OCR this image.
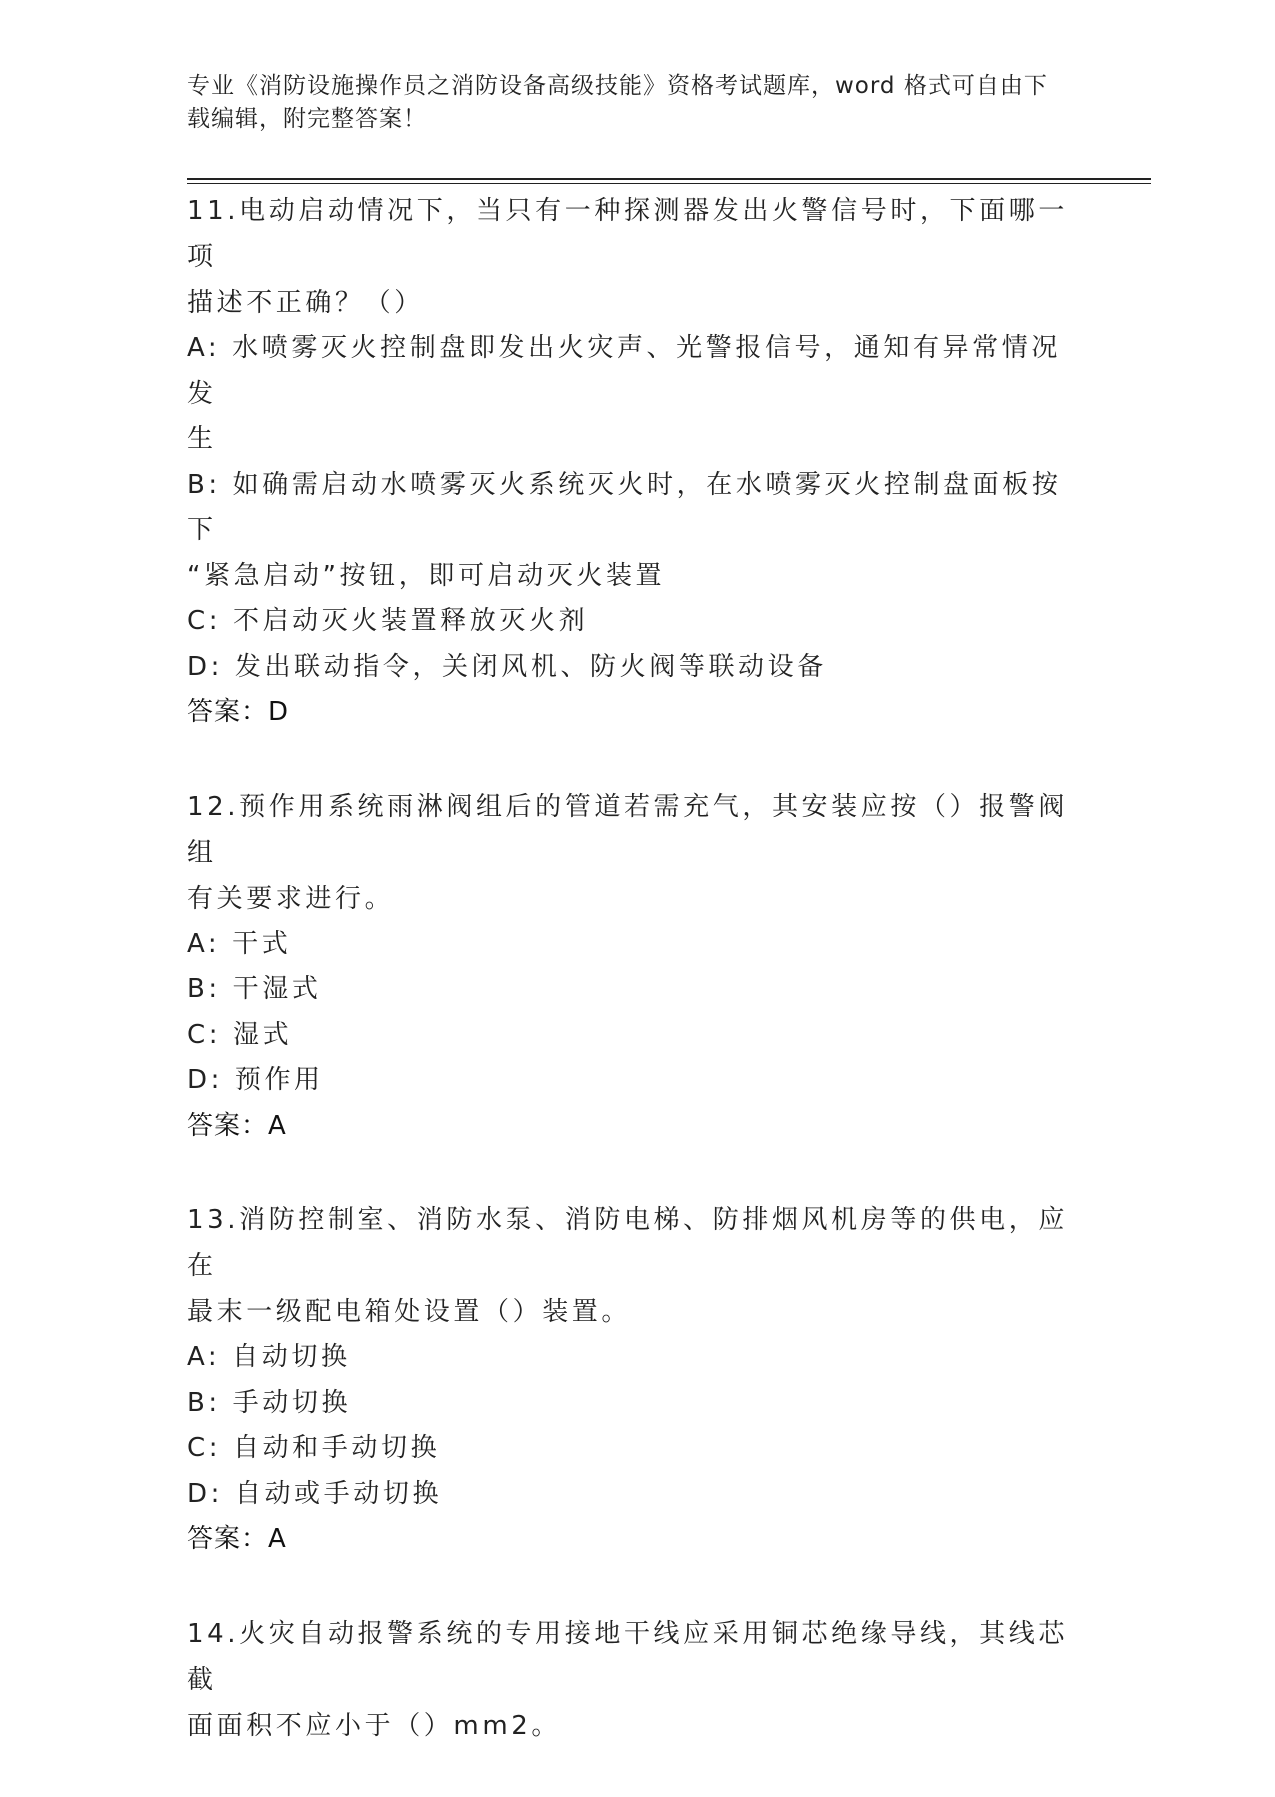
专业《消防设施操作员之消防设备高级技能》资格考试题库，word 格式可自由下
载编辑，附完整答案！
11.电动启动情况下，当只有一种探测器发出火警信号时，下面哪一项
描述不正确？（）
A: 水喷雾灭火控制盘即发出火灾声、光警报信号，通知有异常情况发
生
B: 如确需启动水喷雾灭火系统灭火时，在水喷雾灭火控制盘面板按下
“紧急启动”按钮，即可启动灭火装置
C: 不启动灭火装置释放灭火剂
D: 发出联动指令，关闭风机、防火阀等联动设备
答案：D
12.预作用系统雨淋阀组后的管道若需充气，其安装应按（）报警阀组
有关要求进行。
A: 干式
B: 干湿式
C: 湿式
D: 预作用
答案：A
13.消防控制室、消防水泵、消防电梯、防排烟风机房等的供电，应在
最末一级配电箱处设置（）装置。
A: 自动切换
B: 手动切换
C: 自动和手动切换
D: 自动或手动切换
答案：A
14.火灾自动报警系统的专用接地干线应采用铜芯绝缘导线，其线芯截
面面积不应小于（）mm2。
